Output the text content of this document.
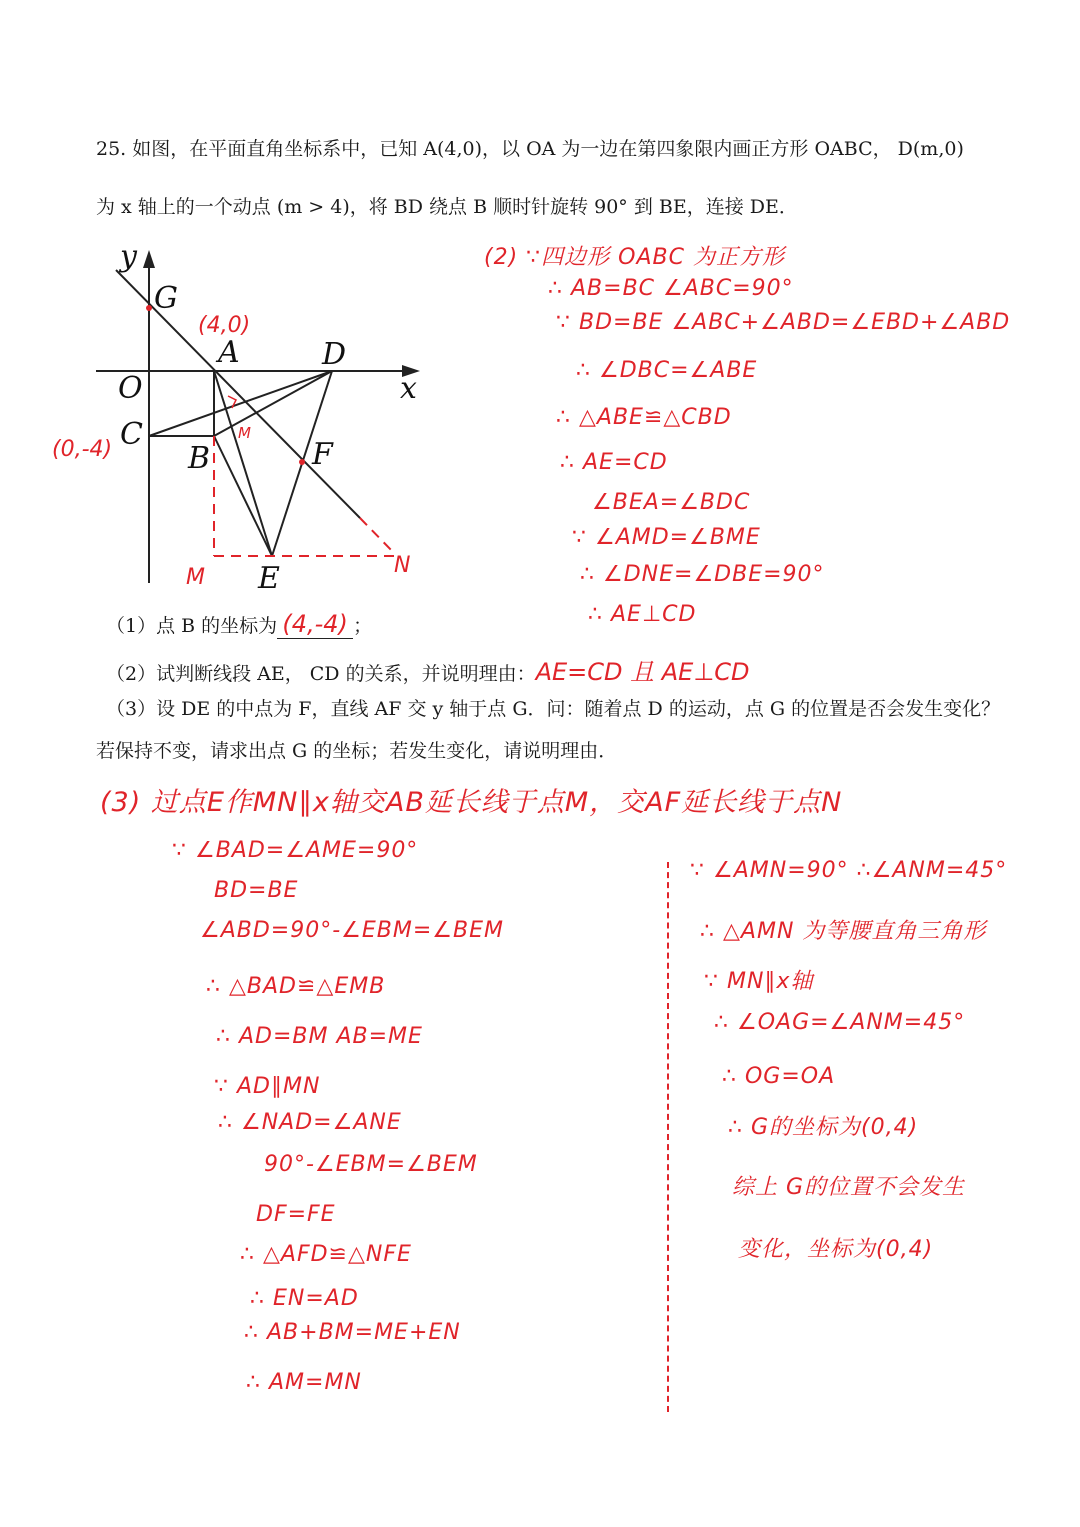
25. 如图，在平面直角坐标系中，已知 A(4,0)，以 OA 为一边在第四象限内画正方形 OABC， D(m,0)
为 x 轴上的一个动点 (m > 4)，将 BD 绕点 B 顺时针旋转 90° 到 BE，连接 DE．
y
G
A	D
x
O
C
B	F
E
M
M	N
(4,0)
(0,-4)
(2) ∵四边形 OABC 为正方形
∴ AB=BC ∠ABC=90°
∵ BD=BE ∠ABC+∠ABD=∠EBD+∠ABD
∴ ∠DBC=∠ABE
∴ △ABE≌△CBD
∴ AE=CD
∠BEA=∠BDC
∵ ∠AMD=∠BME
∴ ∠DNE=∠DBE=90°
∴ AE⊥CD
（1）点 B 的坐标为 (4,-4) ；
（2）试判断线段 AE， CD 的关系，并说明理由：AE=CD 且 AE⊥CD
（3）设 DE 的中点为 F，直线 AF 交 y 轴于点 G．问：随着点 D 的运动，点 G 的位置是否会发生变化？
若保持不变，请求出点 G 的坐标；若发生变化，请说明理由．
(3) 过点E作MN∥x轴交AB延长线于点M，交AF延长线于点N
∵ ∠BAD=∠AME=90°
BD=BE
∠ABD=90°-∠EBM=∠BEM
∴ △BAD≌△EMB
∴ AD=BM AB=ME
∵ AD∥MN
∴ ∠NAD=∠ANE
90°-∠EBM=∠BEM
DF=FE
∴ △AFD≌△NFE
∴ EN=AD
∴ AB+BM=ME+EN
∴ AM=MN
∵ ∠AMN=90° ∴∠ANM=45°
∴ △AMN 为等腰直角三角形
∵ MN∥x轴
∴ ∠OAG=∠ANM=45°
∴ OG=OA
∴ G的坐标为(0,4)
综上 G的位置不会发生
变化，坐标为(0,4)
